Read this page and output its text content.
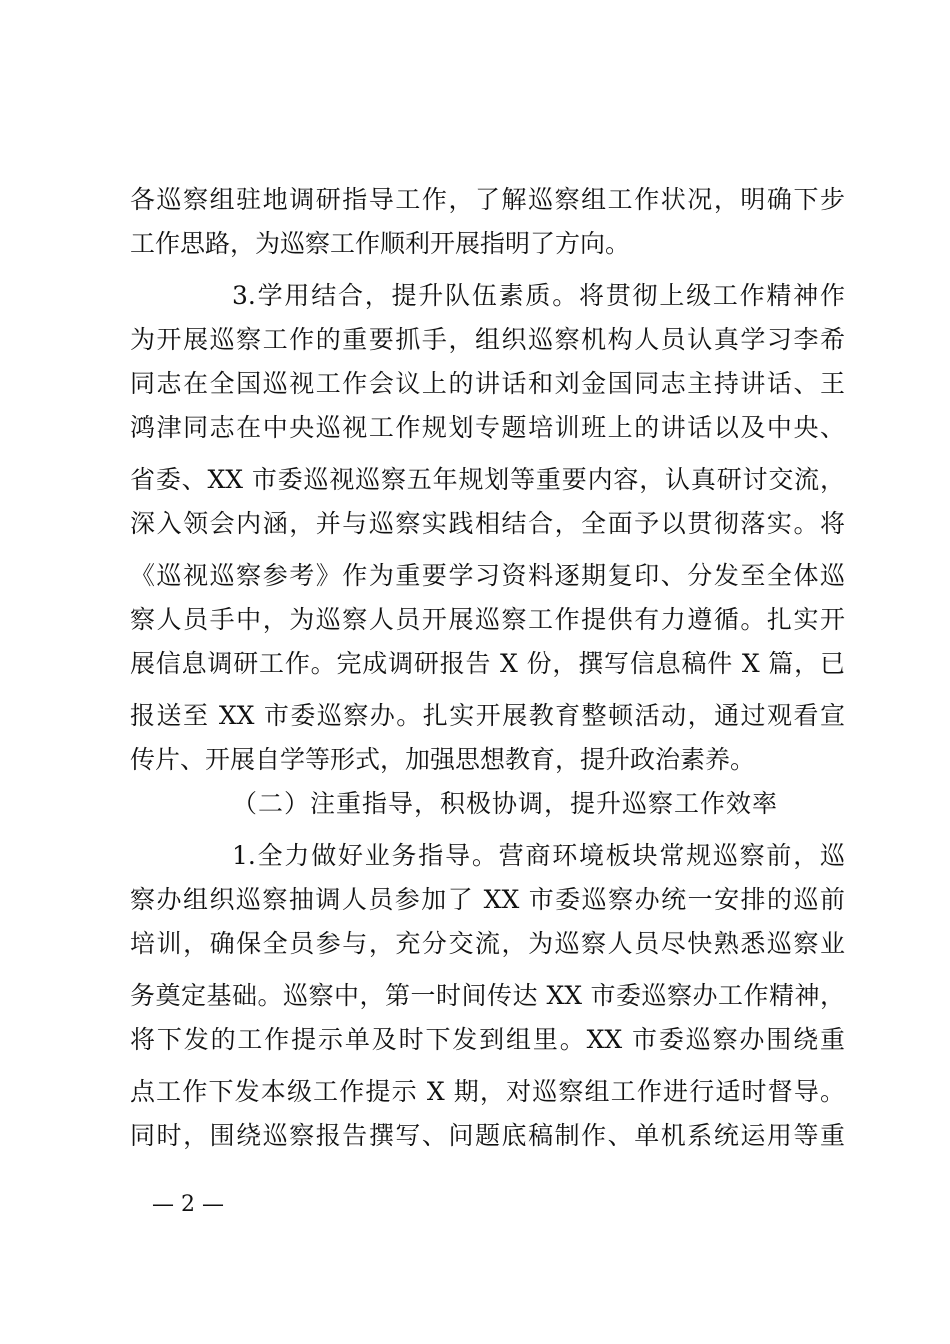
各巡察组驻地调研指导工作，了解巡察组工作状况，明确下步
工作思路，为巡察工作顺利开展指明了方向。
3.学用结合，提升队伍素质。将贯彻上级工作精神作
为开展巡察工作的重要抓手，组织巡察机构人员认真学习李希
同志在全国巡视工作会议上的讲话和刘金国同志主持讲话、王
鸿津同志在中央巡视工作规划专题培训班上的讲话以及中央、
省委、XX 市委巡视巡察五年规划等重要内容，认真研讨交流，
深入领会内涵，并与巡察实践相结合，全面予以贯彻落实。将
《巡视巡察参考》作为重要学习资料逐期复印、分发至全体巡
察人员手中，为巡察人员开展巡察工作提供有力遵循。扎实开
展信息调研工作。完成调研报告 X 份，撰写信息稿件 X 篇，已
报送至 XX 市委巡察办。扎实开展教育整顿活动，通过观看宣
传片、开展自学等形式，加强思想教育，提升政治素养。
（二）注重指导，积极协调，提升巡察工作效率
1.全力做好业务指导。营商环境板块常规巡察前，巡
察办组织巡察抽调人员参加了 XX 市委巡察办统一安排的巡前
培训，确保全员参与，充分交流，为巡察人员尽快熟悉巡察业
务奠定基础。巡察中，第一时间传达 XX 市委巡察办工作精神，
将下发的工作提示单及时下发到组里。XX 市委巡察办围绕重
点工作下发本级工作提示 X 期，对巡察组工作进行适时督导。
同时，围绕巡察报告撰写、问题底稿制作、单机系统运用等重
— 2 —
